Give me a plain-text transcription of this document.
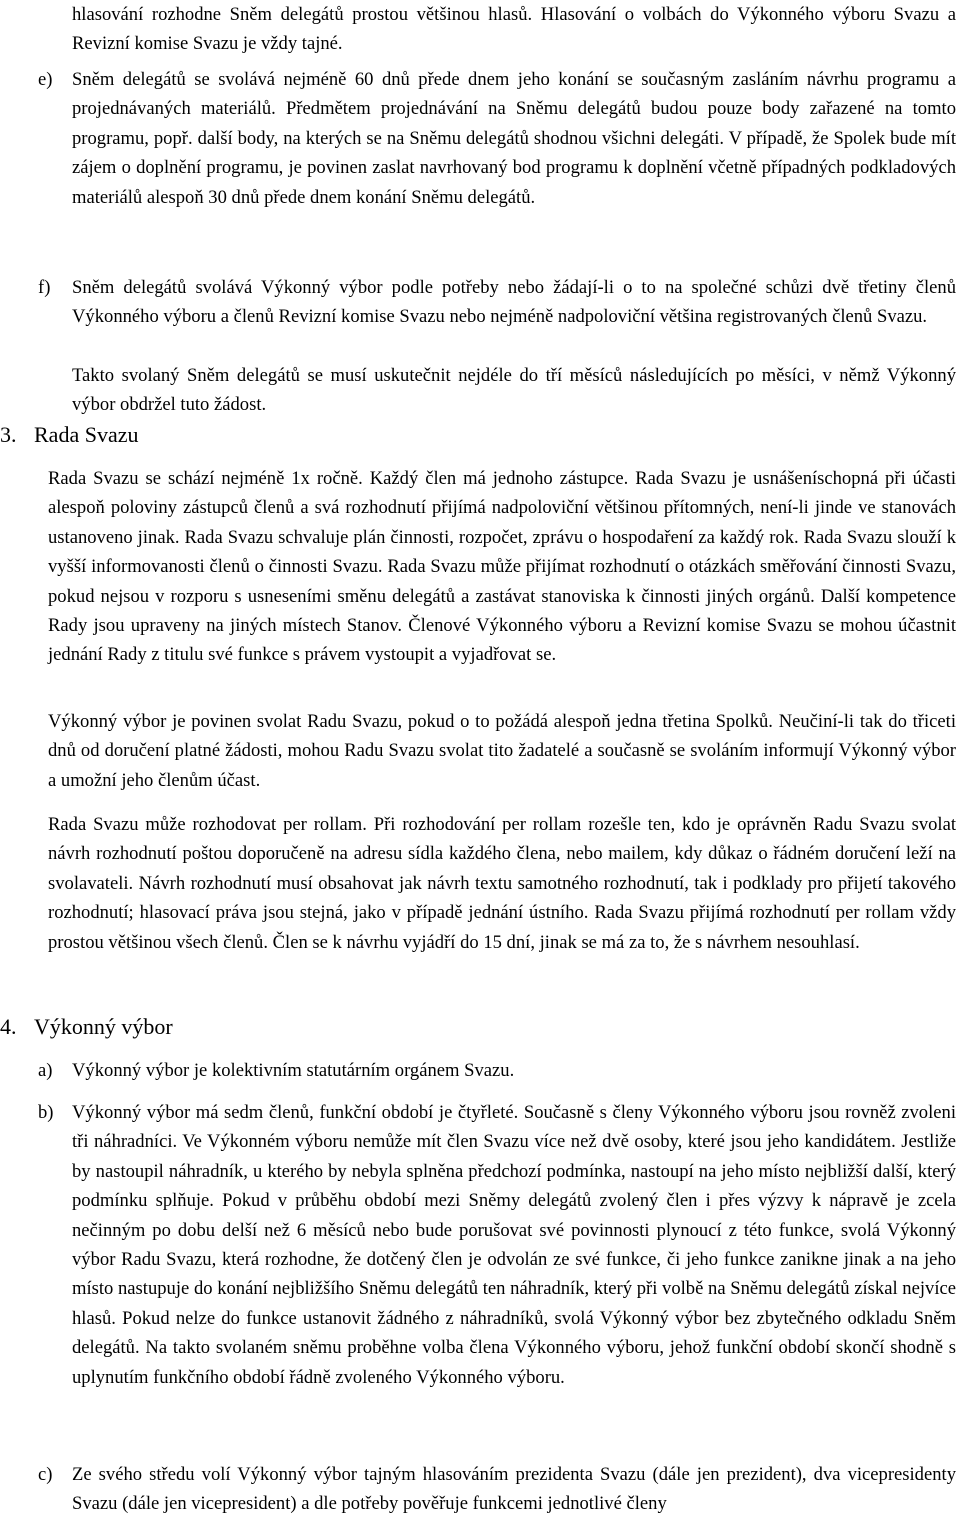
hlasování rozhodne Sněm delegátů prostou většinou hlasů. Hlasování o volbách do Výkonného výboru Svazu a Revizní komise Svazu je vždy tajné.

e) Sněm delegátů se svolává nejméně 60 dnů přede dnem jeho konání se současným zasláním návrhu programu a projednávaných materiálů. Předmětem projednávání na Sněmu delegátů budou pouze body zařazené na tomto programu, popř. další body, na kterých se na Sněmu delegátů shodnou všichni delegáti. V případě, že Spolek bude mít zájem o doplnění programu, je povinen zaslat navrhovaný bod programu k doplnění včetně případných podkladových materiálů alespoň 30 dnů přede dnem konání Sněmu delegátů.

f) Sněm delegátů svolává Výkonný výbor podle potřeby nebo žádají-li o to na společné schůzi dvě třetiny členů Výkonného výboru a členů Revizní komise Svazu nebo nejméně nadpoloviční většina registrovaných členů Svazu.

Takto svolaný Sněm delegátů se musí uskutečnit nejdéle do tří měsíců následujících po měsíci, v němž Výkonný výbor obdržel tuto žádost.

3. Rada Svazu

Rada Svazu se schází nejméně 1x ročně. Každý člen má jednoho zástupce. Rada Svazu je usnášeníschopná při účasti alespoň poloviny zástupců členů a svá rozhodnutí přijímá nadpoloviční většinou přítomných, není-li jinde ve stanovách ustanoveno jinak. Rada Svazu schvaluje plán činnosti, rozpočet, zprávu o hospodaření za každý rok. Rada Svazu slouží k vyšší informovanosti členů o činnosti Svazu. Rada Svazu může přijímat rozhodnutí o otázkách směřování činnosti Svazu, pokud nejsou v rozporu s usneseními směnu delegátů a zastávat stanoviska k činnosti jiných orgánů. Další kompetence Rady jsou upraveny na jiných místech Stanov. Členové Výkonného výboru a Revizní komise Svazu se mohou účastnit jednání Rady z titulu své funkce s právem vystoupit a vyjadřovat se.

Výkonný výbor je povinen svolat Radu Svazu, pokud o to požádá alespoň jedna třetina Spolků. Neučiní-li tak do třiceti dnů od doručení platné žádosti, mohou Radu Svazu svolat tito žadatelé a současně se svoláním informují Výkonný výbor a umožní jeho členům účast.

Rada Svazu může rozhodovat per rollam. Při rozhodování per rollam rozešle ten, kdo je oprávněn Radu Svazu svolat návrh rozhodnutí poštou doporučeně na adresu sídla každého člena, nebo mailem, kdy důkaz o řádném doručení leží na svolavateli. Návrh rozhodnutí musí obsahovat jak návrh textu samotného rozhodnutí, tak i podklady pro přijetí takového rozhodnutí; hlasovací práva jsou stejná, jako v případě jednání ústního. Rada Svazu přijímá rozhodnutí per rollam vždy prostou většinou všech členů. Člen se k návrhu vyjádří do 15 dní, jinak se má za to, že s návrhem nesouhlasí.

4. Výkonný výbor
a) Výkonný výbor je kolektivním statutárním orgánem Svazu.

b) Výkonný výbor má sedm členů, funkční období je čtyřleté. Současně s členy Výkonného výboru jsou rovněž zvoleni tři náhradníci. Ve Výkonném výboru nemůže mít člen Svazu více než dvě osoby, které jsou jeho kandidátem. Jestliže by nastoupil náhradník, u kterého by nebyla splněna předchozí podmínka, nastoupí na jeho místo nejbližší další, který podmínku splňuje. Pokud v průběhu období mezi Sněmy delegátů zvolený člen i přes výzvy k nápravě je zcela nečinným po dobu delší než 6 měsíců nebo bude porušovat své povinnosti plynoucí z této funkce, svolá Výkonný výbor Radu Svazu, která rozhodne, že dotčený člen je odvolán ze své funkce, či jeho funkce zanikne jinak a na jeho místo nastupuje do konání nejbližšího Sněmu delegátů ten náhradník, který při volbě na Sněmu delegátů získal nejvíce hlasů. Pokud nelze do funkce ustanovit žádného z náhradníků, svolá Výkonný výbor bez zbytečného odkladu Sněm delegátů. Na takto svolaném sněmu proběhne volba člena Výkonného výboru, jehož funkční období skončí shodně s uplynutím funkčního období řádně zvoleného Výkonného výboru.

c) Ze svého středu volí Výkonný výbor tajným hlasováním prezidenta Svazu (dále jen prezident), dva vicepresidenty Svazu (dále jen vicepresident) a dle potřeby pověřuje funkcemi jednotlivé členy
